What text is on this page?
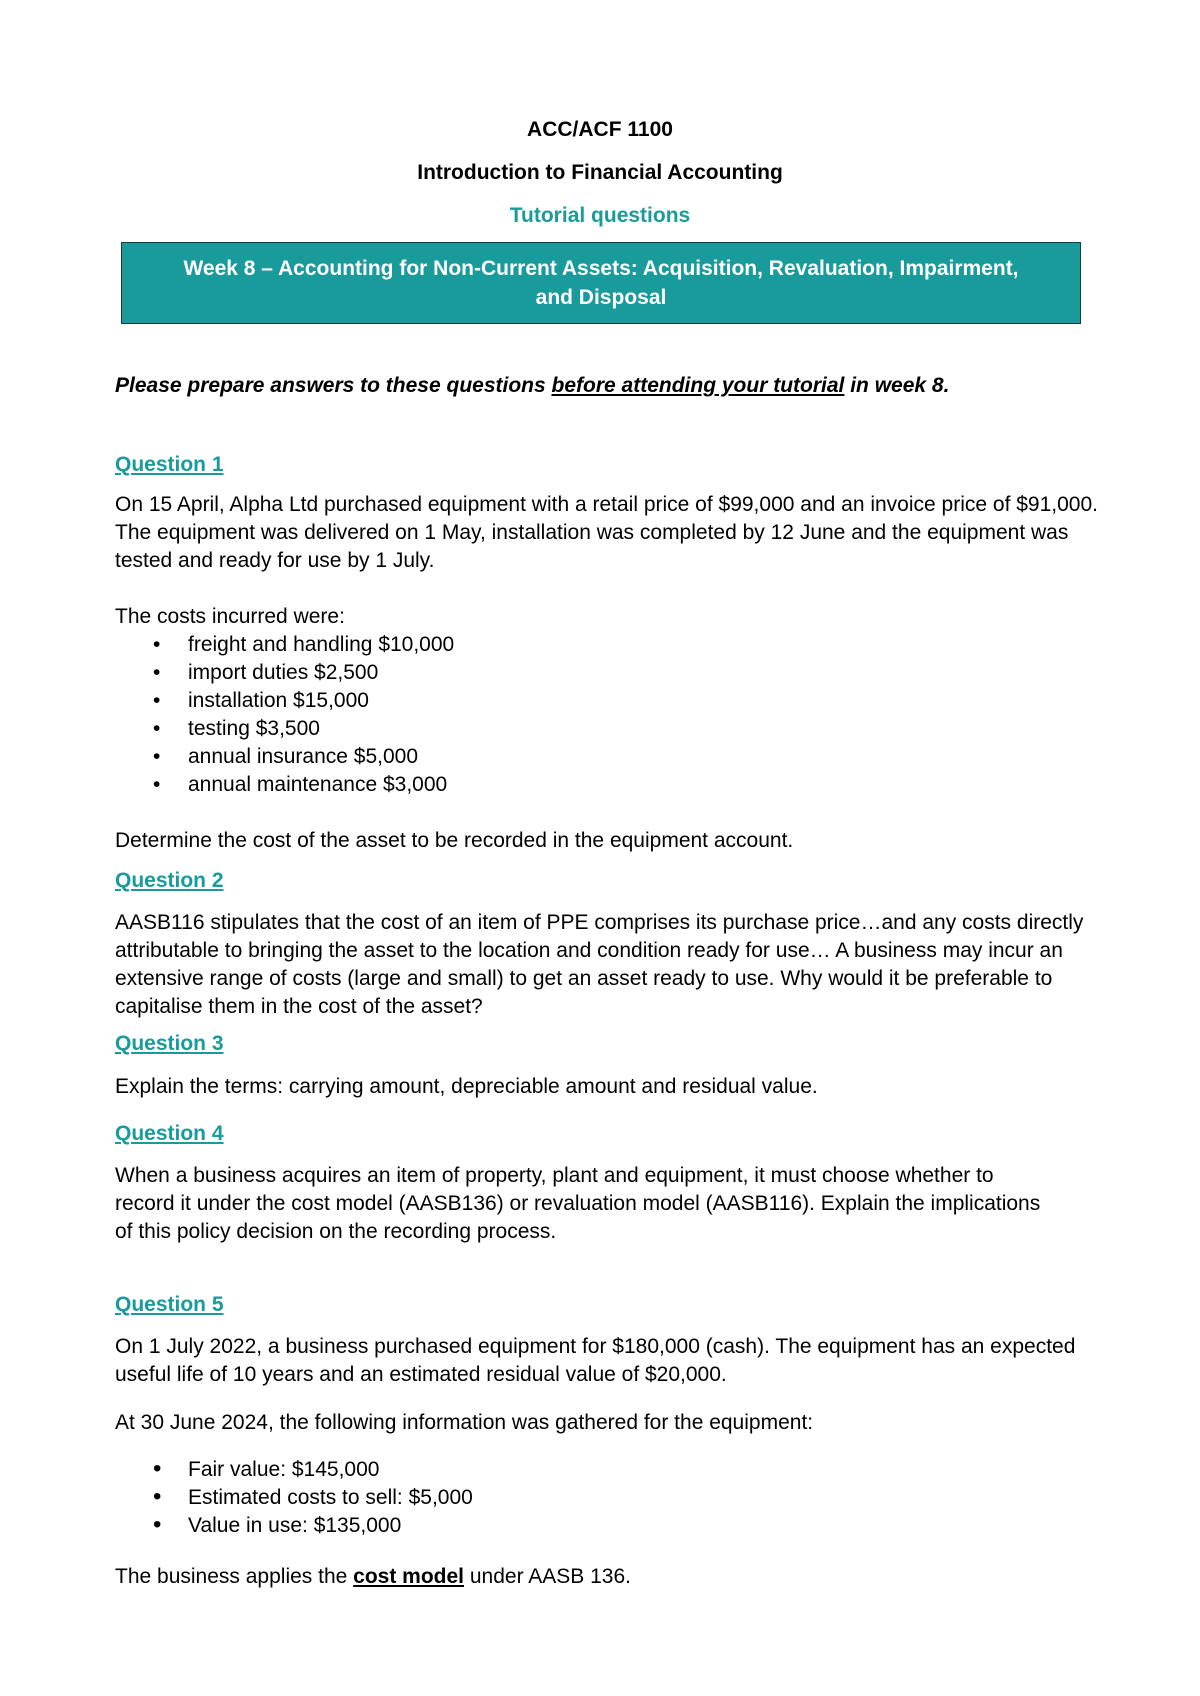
ACC/ACF 1100
Introduction to Financial Accounting
Tutorial questions
Week 8 – Accounting for Non-Current Assets: Acquisition, Revaluation, Impairment, and Disposal
Please prepare answers to these questions before attending your tutorial in week 8.
Question 1
On 15 April, Alpha Ltd purchased equipment with a retail price of $99,000 and an invoice price of $91,000. The equipment was delivered on 1 May, installation was completed by 12 June and the equipment was tested and ready for use by 1 July.
The costs incurred were:
• freight and handling $10,000
• import duties $2,500
• installation $15,000
• testing $3,500
• annual insurance $5,000
• annual maintenance $3,000
Determine the cost of the asset to be recorded in the equipment account.
Question 2
AASB116 stipulates that the cost of an item of PPE comprises its purchase price…and any costs directly attributable to bringing the asset to the location and condition ready for use… A business may incur an extensive range of costs (large and small) to get an asset ready to use. Why would it be preferable to capitalise them in the cost of the asset?
Question 3
Explain the terms: carrying amount, depreciable amount and residual value.
Question 4
When a business acquires an item of property, plant and equipment, it must choose whether to record it under the cost model (AASB136) or revaluation model (AASB116). Explain the implications of this policy decision on the recording process.
Question 5
On 1 July 2022, a business purchased equipment for $180,000 (cash). The equipment has an expected useful life of 10 years and an estimated residual value of $20,000.
At 30 June 2024, the following information was gathered for the equipment:
• Fair value: $145,000
• Estimated costs to sell: $5,000
• Value in use: $135,000
The business applies the cost model under AASB 136.
